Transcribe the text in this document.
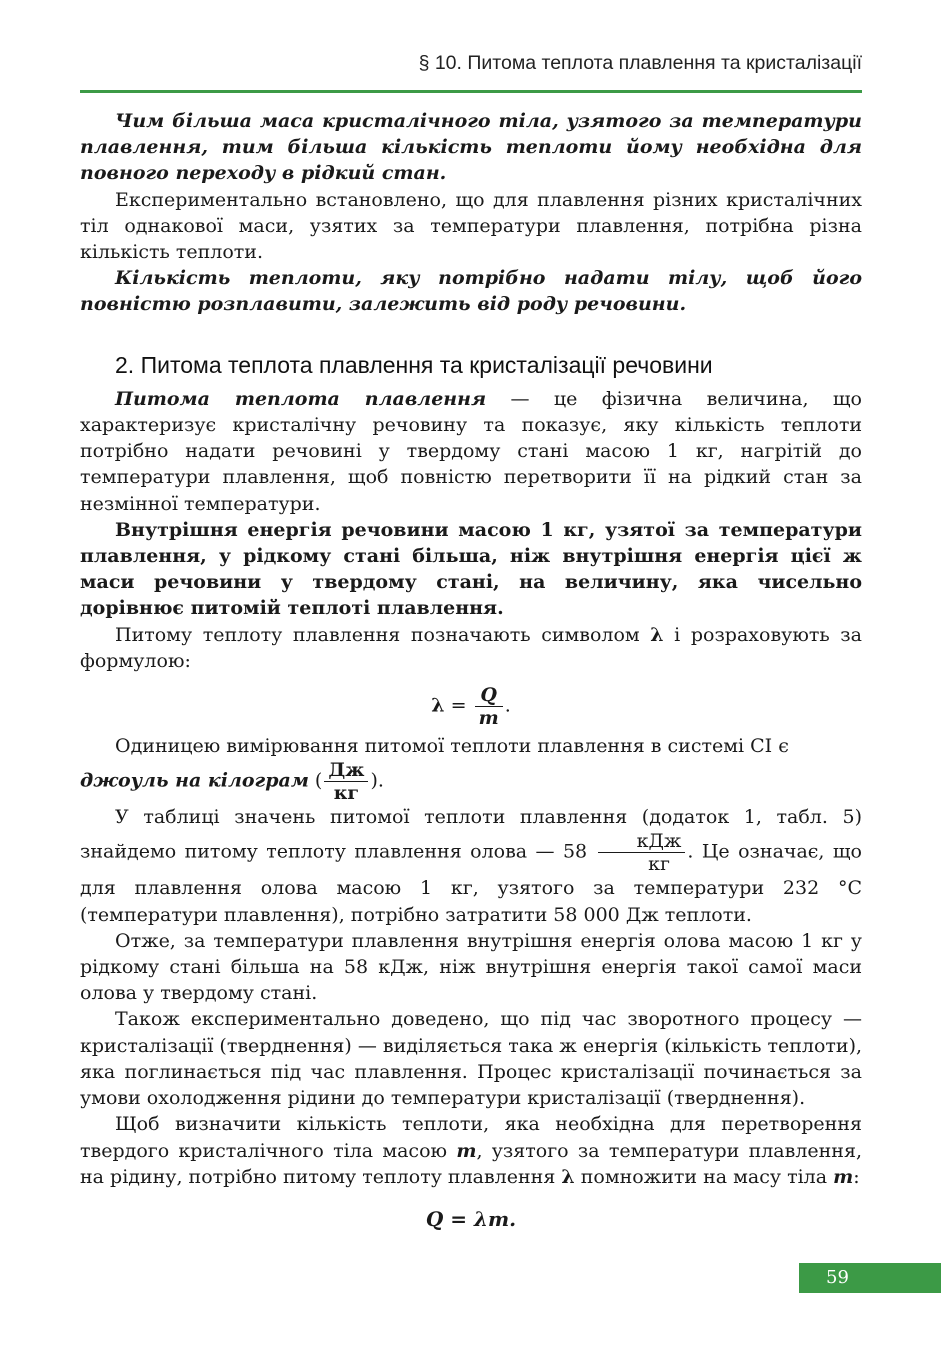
§ 10. Питома теплота плавлення та кристалізації

Чим більша маса кристалічного тіла, узятого за температури плавлення, тим більша кількість теплоти йому необхідна для повного переходу в рідкий стан.

Експериментально встановлено, що для плавлення різних кристалічних тіл однакової маси, узятих за температури плавлення, потрібна різна кількість теплоти.

Кількість теплоти, яку потрібно надати тілу, щоб його повністю розплавити, залежить від роду речовини.

2. Питома теплота плавлення та кристалізації речовини

Питома теплота плавлення — це фізична величина, що характеризує кристалічну речовину та показує, яку кількість теплоти потрібно надати речовині у твердому стані масою 1 кг, нагрітій до температури плавлення, щоб повністю перетворити її на рідкий стан за незмінної температури.

Внутрішня енергія речовини масою 1 кг, узятої за температури плавлення, у рідкому стані більша, ніж внутрішня енергія цієї ж маси речовини у твердому стані, на величину, яка чисельно дорівнює питомій теплоті плавлення.

Питому теплоту плавлення позначають символом λ і розраховують за формулою:

$\lambda = \frac{Q}{m}$ .

Одиницею вимірювання питомої теплоти плавлення в системі СІ є

джоуль на кілограм ( $\frac{Дж}{кг}$ ).

У таблиці значень питомої теплоти плавлення (додаток 1, табл. 5) знайдемо питому теплоту плавлення олова — $58 \frac{\text{кДж}}{кг}$ . Це означає, що для плавлення олова масою 1 кг, узятого за температури 232 °C (температури плавлення), потрібно затратити 58 000 Дж теплоти.

Отже, за температури плавлення внутрішня енергія олова масою 1 кг у рідкому стані більша на 58 кДж, ніж внутрішня енергія такої самої маси олова у твердому стані.

Також експериментально доведено, що під час зворотного процесу — кристалізації (тверднення) — виділяється така ж енергія (кількість теплоти), яка поглинається під час плавлення. Процес кристалізації починається за умови охолодження рідини до температури кристалізації (тверднення).

Щоб визначити кількість теплоти, яка необхідна для перетворення твердого кристалічного тіла масою m, узятого за температури плавлення, на рідину, потрібно питому теплоту плавлення λ помножити на масу тіла m:

Q = λm.
59
